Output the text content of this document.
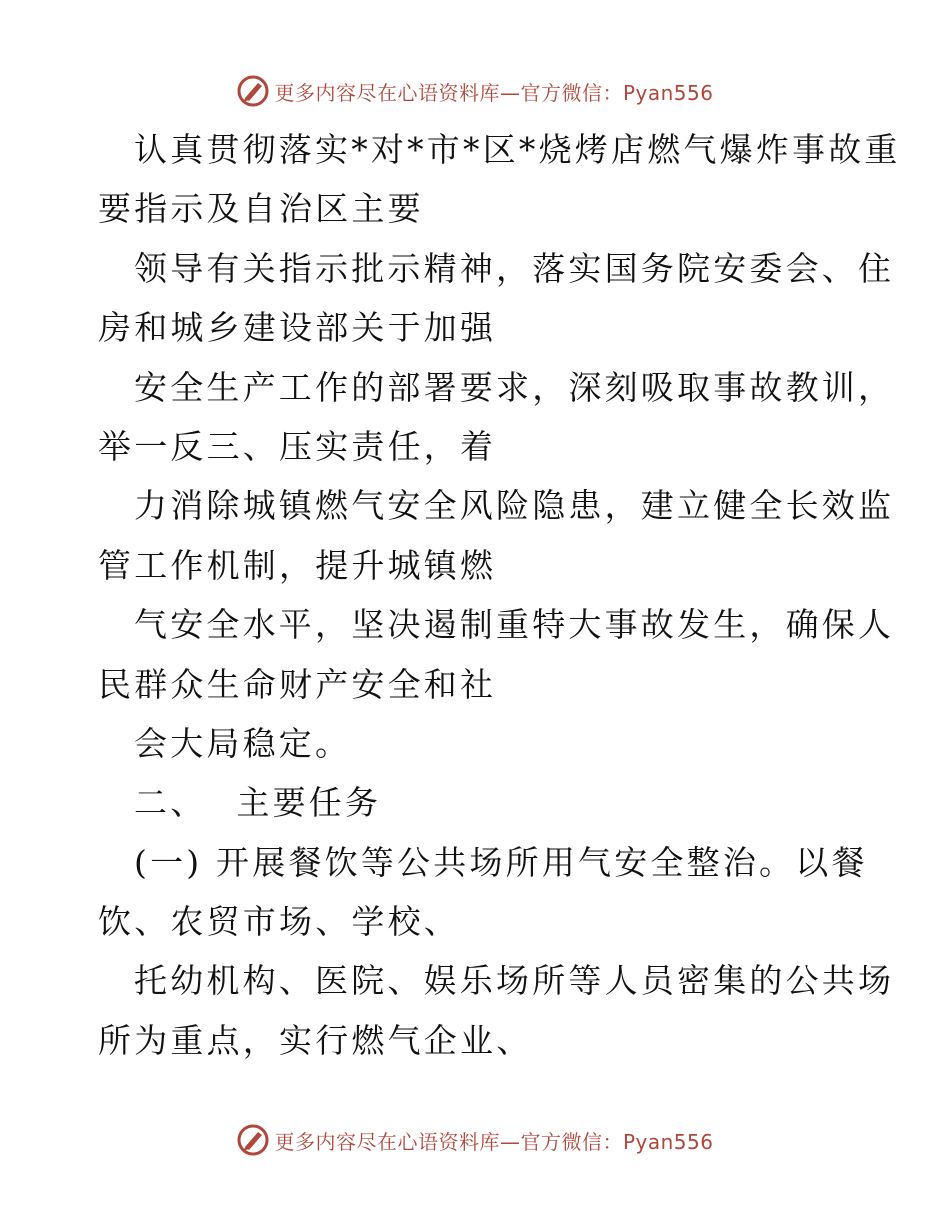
更多内容尽在心语资料库—官方微信：Pyan556
认真贯彻落实*对*市*区*烧烤店燃气爆炸事故重
要指示及自治区主要
领导有关指示批示精神，落实国务院安委会、住
房和城乡建设部关于加强
安全生产工作的部署要求，深刻吸取事故教训，
举一反三、压实责任，着
力消除城镇燃气安全风险隐患，建立健全长效监
管工作机制，提升城镇燃
气安全水平，坚决遏制重特大事故发生，确保人
民群众生命财产安全和社
会大局稳定。
二、 主要任务
(一) 开展餐饮等公共场所用气安全整治。以餐
饮、农贸市场、学校、
托幼机构、医院、娱乐场所等人员密集的公共场
所为重点，实行燃气企业、
更多内容尽在心语资料库—官方微信：Pyan556
